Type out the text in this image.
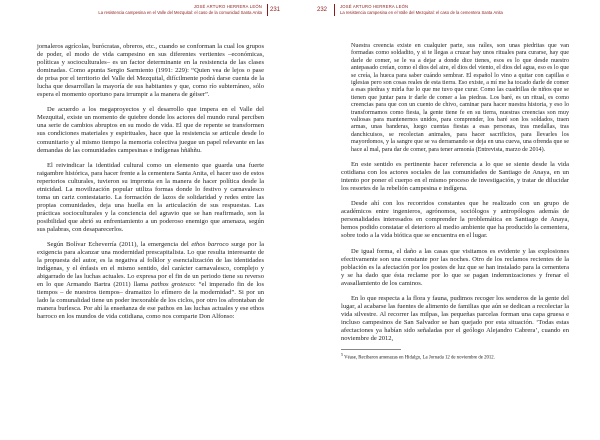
JOSÉ ARTURO HERRERA LEÓN
La resistencia campesina en el Valle del Mezquital: el caso de la comunidad Santa Anita 231

jornaleros agrícolas, burócratas, obreros, etc., cuando se conforman la cual los grupos de poder, el modo de vida campesino en sus diferentes vertientes –económicas, políticas y socioculturales– es un factor determinante en la resistencia de las clases dominadas. Como apunta Sergio Sarmiento (1991: 229): “Quien vea de lejos o pase de prisa por el territorio del Valle del Mezquital, difícilmente podrá darse cuenta de la lucha que desarrollan la mayoría de sus habitantes y que, como río subterráneo, sólo espera el momento oportuno para irrumpir a la manera de géiser”.

De acuerdo a los megaproyectos y el desarrollo que impera en el Valle del Mezquital, existe un momento de quiebre donde los actores del mundo rural perciben una serie de cambios abruptos en su modo de vida. El que de repente se transformen sus condiciones materiales y espirituales, hace que la resistencia se articule desde lo comunitario y al mismo tiempo la memoria colectiva juegue un papel relevante en las demandas de las comunidades campesinas e indígenas hñähñu.

El reivindicar la identidad cultural como un elemento que guarda una fuerte raigambre histórica, para hacer frente a la cementera Santa Anita, el hacer uso de estos repertorios culturales, tuvieron su impronta en la manera de hacer política desde la etnicidad. La movilización popular utiliza formas donde lo festivo y carnavalesco toma un cariz contestatario. La formación de lazos de solidaridad y redes entre las propias comunidades, deja una huella en la articulación de sus respuestas. Las prácticas socioculturales y la conciencia del agravio que se han reafirmado, son la posibilidad que abrió su enfrentamiento a un poderoso enemigo que amenaza, según sus palabras, con desaparecerlos.

Según Bolívar Echeverría (2011), la emergencia del ethos barroco surge por la exigencia para alcanzar una modernidad prescapitalista. Lo que resulta interesante de la propuesta del autor, es la negativa al folklor y esencialización de las identidades indígenas, y el énfasis en el mismo sentido, del carácter carnavalesco, complejo y abigarrado de las luchas actuales. Lo expresa por el fin de un periodo tiene su reverso en lo que Armando Bartra (2011) llama pathos grotesco: “el imperado fin de los tiempos – de nuestros tiempos– dramatizo lo efímero de la modernidad”. Si por un lado la comunalidad tiene un poder inexorable de los ciclos, por otro los afrontaban de manera burlesca. Por ahí la enseñanza de ese pathos en las luchas actuales y ese ethos barroco en los mundos de vida cotidiana, como nos comparte Don Alfonso:

232
JOSÉ ARTURO HERRERA LEÓN
La resistencia campesina en el Valle del Mezquital: el caso de la cementera Santa Anita

Nuestra creencia existe en cualquier parte, sus raíles, son unas piedritas que van formadas como soldadito, y si te llegas a cruzar hay unos rituales para curarse, hay que darle de comer, se le va a dejar a donde dice tienes, esos es lo que desde nuestro antepasado creían, como el dios del aire, el dios del viento, el dios del agua, eso es lo que se creía, la hueca para saber cuándo sembrar. El español lo vino a quitar con capillas e iglesias pero son cosas reales de esta tierra. Eso existe, a mí me ha tocado darle de comer a esas piedras y mirla fue lo que me tuvo que curar. Como las cuadrillas de niños que se tienen que juntar para ir darle de comer a las piedras. Los baré, es un ritual, es como creencias para que con un cuento de chivo, caminar para hacer nuestra historia, y eso lo transformamos como fiesta, la gente tiene fe en su tierra, nuestras creencias son muy valiosas para mantenernos unidos, para comprender, los baré son los soldados, traen armas, unas banderas, luego cuentas fiestas a esas personas, tras medallas, tras danchicuisos, se recolectan animales, para hacer sacrificios, para llevarles los mayordomos, y la sangre que se va derramando se deja en una cueva, una ofrenda que se hace al mal, para dar de comer, para tener armonía (Entrevista, marzo de 2014).

En este sentido es pertinente hacer referencia a lo que se siente desde la vida cotidiana con los actores sociales de las comunidades de Santiago de Anaya, en un intento por poner el cuerpo en el mismo proceso de investigación, y tratar de dilucidar los resortes de la rebelión campesina e indígena.

Desde ahí con los recorridos constantes que he realizado con un grupo de académicos entre ingenieros, agrónomos, sociólogos y antropólogos además de personalidades interesados en comprender la problemática en Santiago de Anaya, hemos podido constatar el deterioro al medio ambiente que ha producido la cementera, sobre todo a la vida biótica que se encuentra en el lugar.

De igual forma, el daño a las casas que visitamos es evidente y las explosiones efectivamente son una constante por las noches. Otro de los reclamos recientes de la población es la afectación por los postes de luz que se han instalado para la cementera y se ha dado que ésta reclame por lo que se pagan indemnizaciones y frenar el avasallamiento de los caminos.

En lo que respecta a la flora y fauna, pudimos recoger los senderos de la gente del lugar, al acabarse las fuentes de alimento de familias que aún se dedican a recolectar la vida silvestre. Al recorrer las milpas, las pequeñas parcelas forman una capa gruesa e incluso campesinos de San Salvador se han quejado por esta situación. ‘Todas estas afectaciones ya habían sido señaladas por el geólogo Alejandro Cabrera’, cuando en noviembre de 2012,

$^5$ Véase, Recibaron amenazas en Hidalgo, La Jornada 12 de noviembre de 2012.
